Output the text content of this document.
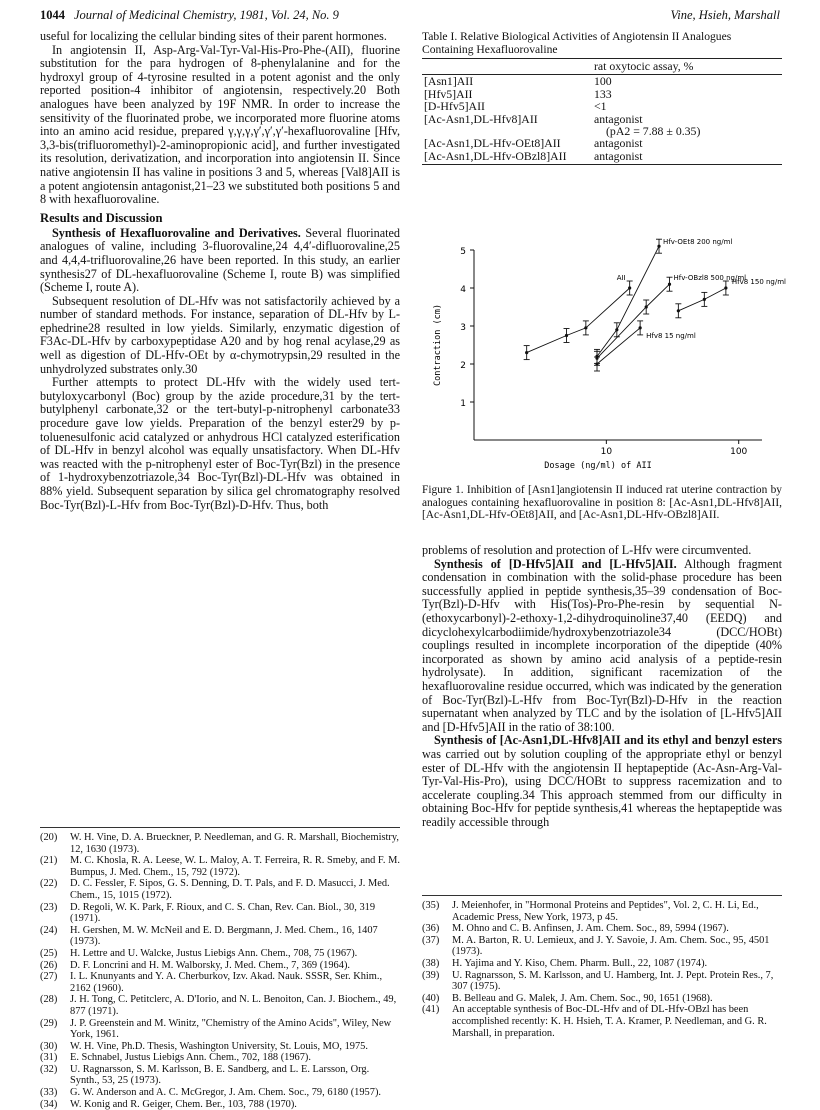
1044 Journal of Medicinal Chemistry, 1981, Vol. 24, No. 9	Vine, Hsieh, Marshall

useful for localizing the cellular binding sites of their parent hormones.

In angiotensin II, Asp-Arg-Val-Tyr-Val-His-Pro-Phe-(AII), fluorine substitution for the para hydrogen of 8-phenylalanine and for the hydroxyl group of 4-tyrosine resulted in a potent agonist and the only reported position-4 inhibitor of angiotensin, respectively.20 Both analogues have been analyzed by 19F NMR. In order to increase the sensitivity of the fluorinated probe, we incorporated more fluorine atoms into an amino acid residue, prepared γ,γ,γ,γ′,γ′,γ′-hexafluorovaline [Hfv, 3,3-bis(trifluoromethyl)-2-aminopropionic acid], and further investigated its resolution, derivatization, and incorporation into angiotensin II. Since native angiotensin II has valine in positions 3 and 5, whereas [Val8]AII is a potent angiotensin antagonist,21–23 we substituted both positions 5 and 8 with hexafluorovaline.

Results and Discussion

Synthesis of Hexafluorovaline and Derivatives. Several fluorinated analogues of valine, including 3-fluorovaline,24 4,4′-difluorovaline,25 and 4,4,4-trifluorovaline,26 have been reported. In this study, an earlier synthesis27 of DL-hexafluorovaline (Scheme I, route B) was simplified (Scheme I, route A).

Subsequent resolution of DL-Hfv was not satisfactorily achieved by a number of standard methods. For instance, separation of DL-Hfv by L-ephedrine28 resulted in low yields. Similarly, enzymatic digestion of F3Ac-DL-Hfv by carboxypeptidase A20 and by hog renal acylase,29 as well as digestion of DL-Hfv-OEt by α-chymotrypsin,29 resulted in the unhydrolyzed substrates only.30

Further attempts to protect DL-Hfv with the widely used tert-butyloxycarbonyl (Boc) group by the azide procedure,31 by the tert-butylphenyl carbonate,32 or the tert-butyl-p-nitrophenyl carbonate33 procedure gave low yields. Preparation of the benzyl ester29 by p-toluenesulfonic acid catalyzed or anhydrous HCl catalyzed esterification of DL-Hfv in benzyl alcohol was equally unsatisfactory. When DL-Hfv was reacted with the p-nitrophenyl ester of Boc-Tyr(Bzl) in the presence of 1-hydroxybenzotriazole,34 Boc-Tyr(Bzl)-DL-Hfv was obtained in 88% yield. Subsequent separation by silica gel chromatography resolved Boc-Tyr(Bzl)-L-Hfv from Boc-Tyr(Bzl)-D-Hfv. Thus, both

(20)	W. H. Vine, D. A. Brueckner, P. Needleman, and G. R. Marshall, Biochemistry, 12, 1630 (1973).
(21)	M. C. Khosla, R. A. Leese, W. L. Maloy, A. T. Ferreira, R. R. Smeby, and F. M. Bumpus, J. Med. Chem., 15, 792 (1972).
(22)	D. C. Fessler, F. Sipos, G. S. Denning, D. T. Pals, and F. D. Masucci, J. Med. Chem., 15, 1015 (1972).
(23)	D. Regoli, W. K. Park, F. Rioux, and C. S. Chan, Rev. Can. Biol., 30, 319 (1971).
(24)	H. Gershen, M. W. McNeil and E. D. Bergmann, J. Med. Chem., 16, 1407 (1973).
(25)	H. Lettre and U. Walcke, Justus Liebigs Ann. Chem., 708, 75 (1967).
(26)	D. F. Loncrini and H. M. Walborsky, J. Med. Chem., 7, 369 (1964).
(27)	I. L. Knunyants and Y. A. Cherburkov, Izv. Akad. Nauk. SSSR, Ser. Khim., 2162 (1960).
(28)	J. H. Tong, C. Petitclerc, A. D'Iorio, and N. L. Benoiton, Can. J. Biochem., 49, 877 (1971).
(29)	J. P. Greenstein and M. Winitz, "Chemistry of the Amino Acids", Wiley, New York, 1961.
(30)	W. H. Vine, Ph.D. Thesis, Washington University, St. Louis, MO, 1975.
(31)	E. Schnabel, Justus Liebigs Ann. Chem., 702, 188 (1967).
(32)	U. Ragnarsson, S. M. Karlsson, B. E. Sandberg, and L. E. Larsson, Org. Synth., 53, 25 (1973).
(33)	G. W. Anderson and A. C. McGregor, J. Am. Chem. Soc., 79, 6180 (1957).
(34)	W. Konig and R. Geiger, Chem. Ber., 103, 788 (1970).
Table I. Relative Biological Activities of Angiotensin II Analogues Containing Hexafluorovaline
	rat oxytocic assay, %
[Asn1]AII	100
[Hfv5]AII	133
[D-Hfv5]AII	<1
[Ac-Asn1,DL-Hfv8]AII	antagonist
	(pA2 = 7.88 ± 0.35)
[Ac-Asn1,DL-Hfv-OEt8]AII	antagonist
[Ac-Asn1,DL-Hfv-OBzl8]AII	antagonist
1
2
3
4
5
10	100
Dosage (ng/ml) of AII
Contraction (cm)
AII
Hfv-OEt8 200 ng/ml
Hfv-OBzl8 500 ng/ml
Hfv8 15 ng/ml
Hfv8 150 ng/ml
Figure 1. Inhibition of [Asn1]angiotensin II induced rat uterine contraction by analogues containing hexafluorovaline in position 8: [Ac-Asn1,DL-Hfv8]AII, [Ac-Asn1,DL-Hfv-OEt8]AII, and [Ac-Asn1,DL-Hfv-OBzl8]AII.

problems of resolution and protection of L-Hfv were circumvented.

Synthesis of [D-Hfv5]AII and [L-Hfv5]AII. Although fragment condensation in combination with the solid-phase procedure has been successfully applied in peptide synthesis,35–39 condensation of Boc-Tyr(Bzl)-D-Hfv with His(Tos)-Pro-Phe-resin by sequential N-(ethoxycarbonyl)-2-ethoxy-1,2-dihydroquinoline37,40 (EEDQ) and dicyclohexylcarbodiimide/hydroxybenzotriazole34 (DCC/HOBt) couplings resulted in incomplete incorporation of the dipeptide (40% incorporated as shown by amino acid analysis of a peptide-resin hydrolysate). In addition, significant racemization of the hexafluorovaline residue occurred, which was indicated by the generation of Boc-Tyr(Bzl)-L-Hfv from Boc-Tyr(Bzl)-D-Hfv in the reaction supernatant when analyzed by TLC and by the isolation of [L-Hfv5]AII and [D-Hfv5]AII in the ratio of 38:100.

Synthesis of [Ac-Asn1,DL-Hfv8]AII and its ethyl and benzyl esters was carried out by solution coupling of the appropriate ethyl or benzyl ester of DL-Hfv with the angiotensin II heptapeptide (Ac-Asn-Arg-Val-Tyr-Val-His-Pro), using DCC/HOBt to suppress racemization and to accelerate coupling.34 This approach stemmed from our difficulty in obtaining Boc-Hfv for peptide synthesis,41 whereas the heptapeptide was readily accessible through

(35)	J. Meienhofer, in "Hormonal Proteins and Peptides", Vol. 2, C. H. Li, Ed., Academic Press, New York, 1973, p 45.
(36)	M. Ohno and C. B. Anfinsen, J. Am. Chem. Soc., 89, 5994 (1967).
(37)	M. A. Barton, R. U. Lemieux, and J. Y. Savoie, J. Am. Chem. Soc., 95, 4501 (1973).
(38)	H. Yajima and Y. Kiso, Chem. Pharm. Bull., 22, 1087 (1974).
(39)	U. Ragnarsson, S. M. Karlsson, and U. Hamberg, Int. J. Pept. Protein Res., 7, 307 (1975).
(40)	B. Belleau and G. Malek, J. Am. Chem. Soc., 90, 1651 (1968).
(41)	An acceptable synthesis of Boc-DL-Hfv and of DL-Hfv-OBzl has been accomplished recently: K. H. Hsieh, T. A. Kramer, P. Needleman, and G. R. Marshall, in preparation.
